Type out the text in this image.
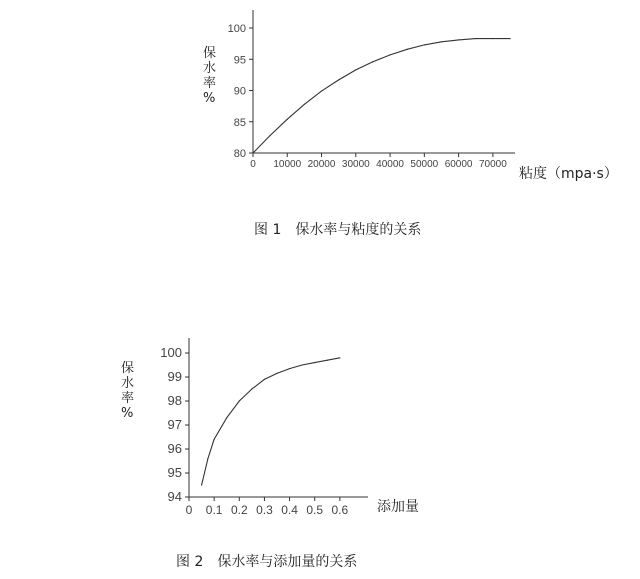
80
85
90
95
100
0 10000 20000 30000 40000 50000 60000 70000
保水率%
94
95
96
97
98
99
100
0 0.1 0.2 0.3 0.4 0.5 0.6
保水率%
粘度（mpa·s）
图 1　保水率与粘度的关系
添加量
图 2　保水率与添加量的关系
